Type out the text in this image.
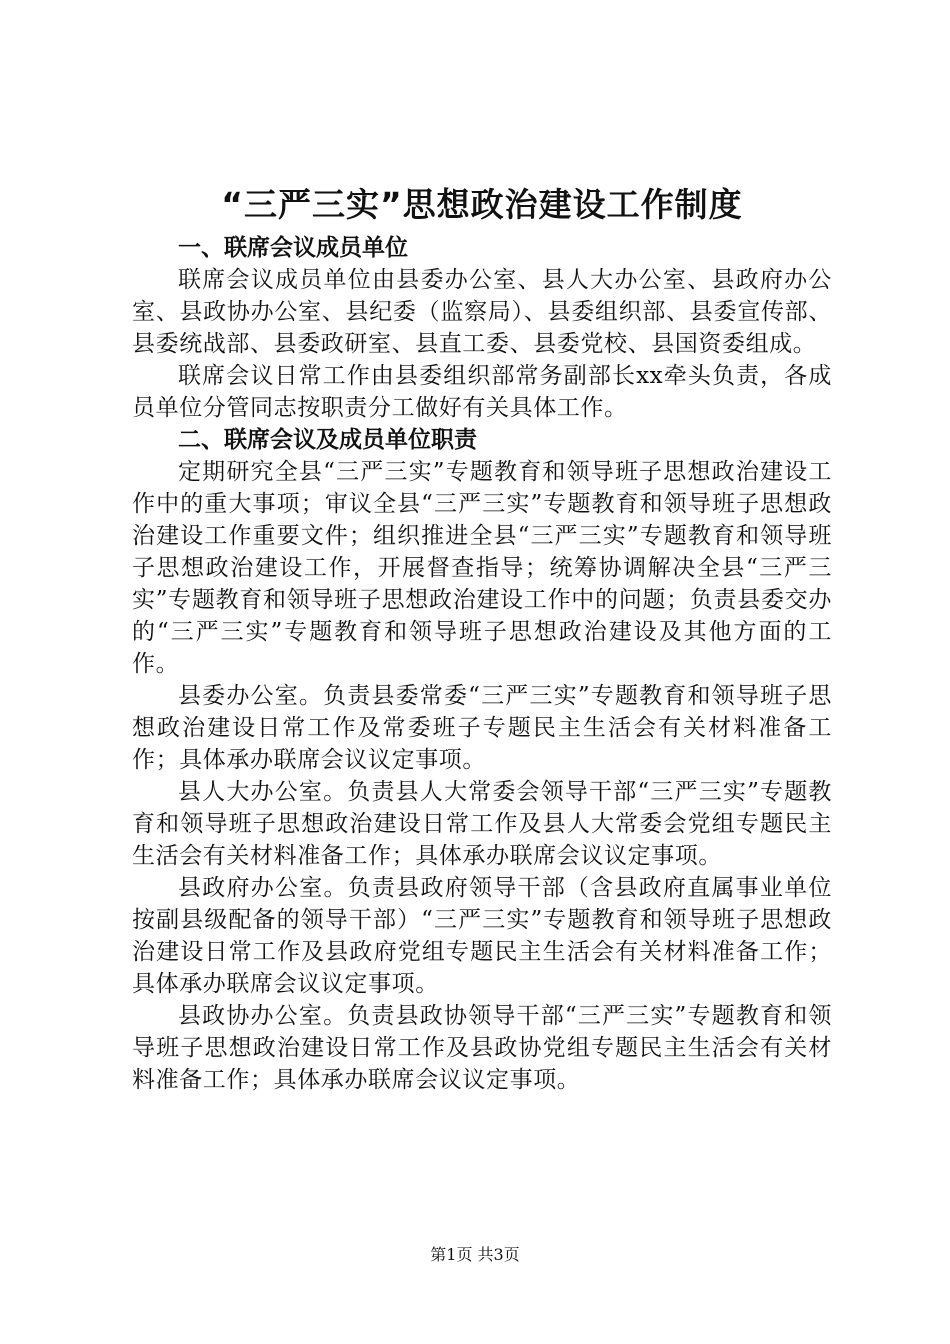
“三严三实”思想政治建设工作制度
一、联席会议成员单位

联席会议成员单位由县委办公室、县人大办公室、县政府办公室、县政协办公室、县纪委（监察局）、县委组织部、县委宣传部、县委统战部、县委政研室、县直工委、县委党校、县国资委组成。

联席会议日常工作由县委组织部常务副部长xx牵头负责，各成员单位分管同志按职责分工做好有关具体工作。

二、联席会议及成员单位职责

定期研究全县“三严三实”专题教育和领导班子思想政治建设工作中的重大事项；审议全县“三严三实”专题教育和领导班子思想政治建设工作重要文件；组织推进全县“三严三实”专题教育和领导班子思想政治建设工作，开展督查指导；统筹协调解决全县“三严三实”专题教育和领导班子思想政治建设工作中的问题；负责县委交办的“三严三实”专题教育和领导班子思想政治建设及其他方面的工作。

县委办公室。负责县委常委“三严三实”专题教育和领导班子思想政治建设日常工作及常委班子专题民主生活会有关材料准备工作；具体承办联席会议议定事项。

县人大办公室。负责县人大常委会领导干部“三严三实”专题教育和领导班子思想政治建设日常工作及县人大常委会党组专题民主生活会有关材料准备工作；具体承办联席会议议定事项。

县政府办公室。负责县政府领导干部（含县政府直属事业单位按副县级配备的领导干部）“三严三实”专题教育和领导班子思想政治建设日常工作及县政府党组专题民主生活会有关材料准备工作；具体承办联席会议议定事项。

县政协办公室。负责县政协领导干部“三严三实”专题教育和领导班子思想政治建设日常工作及县政协党组专题民主生活会有关材料准备工作；具体承办联席会议议定事项。

第1页 共3页
